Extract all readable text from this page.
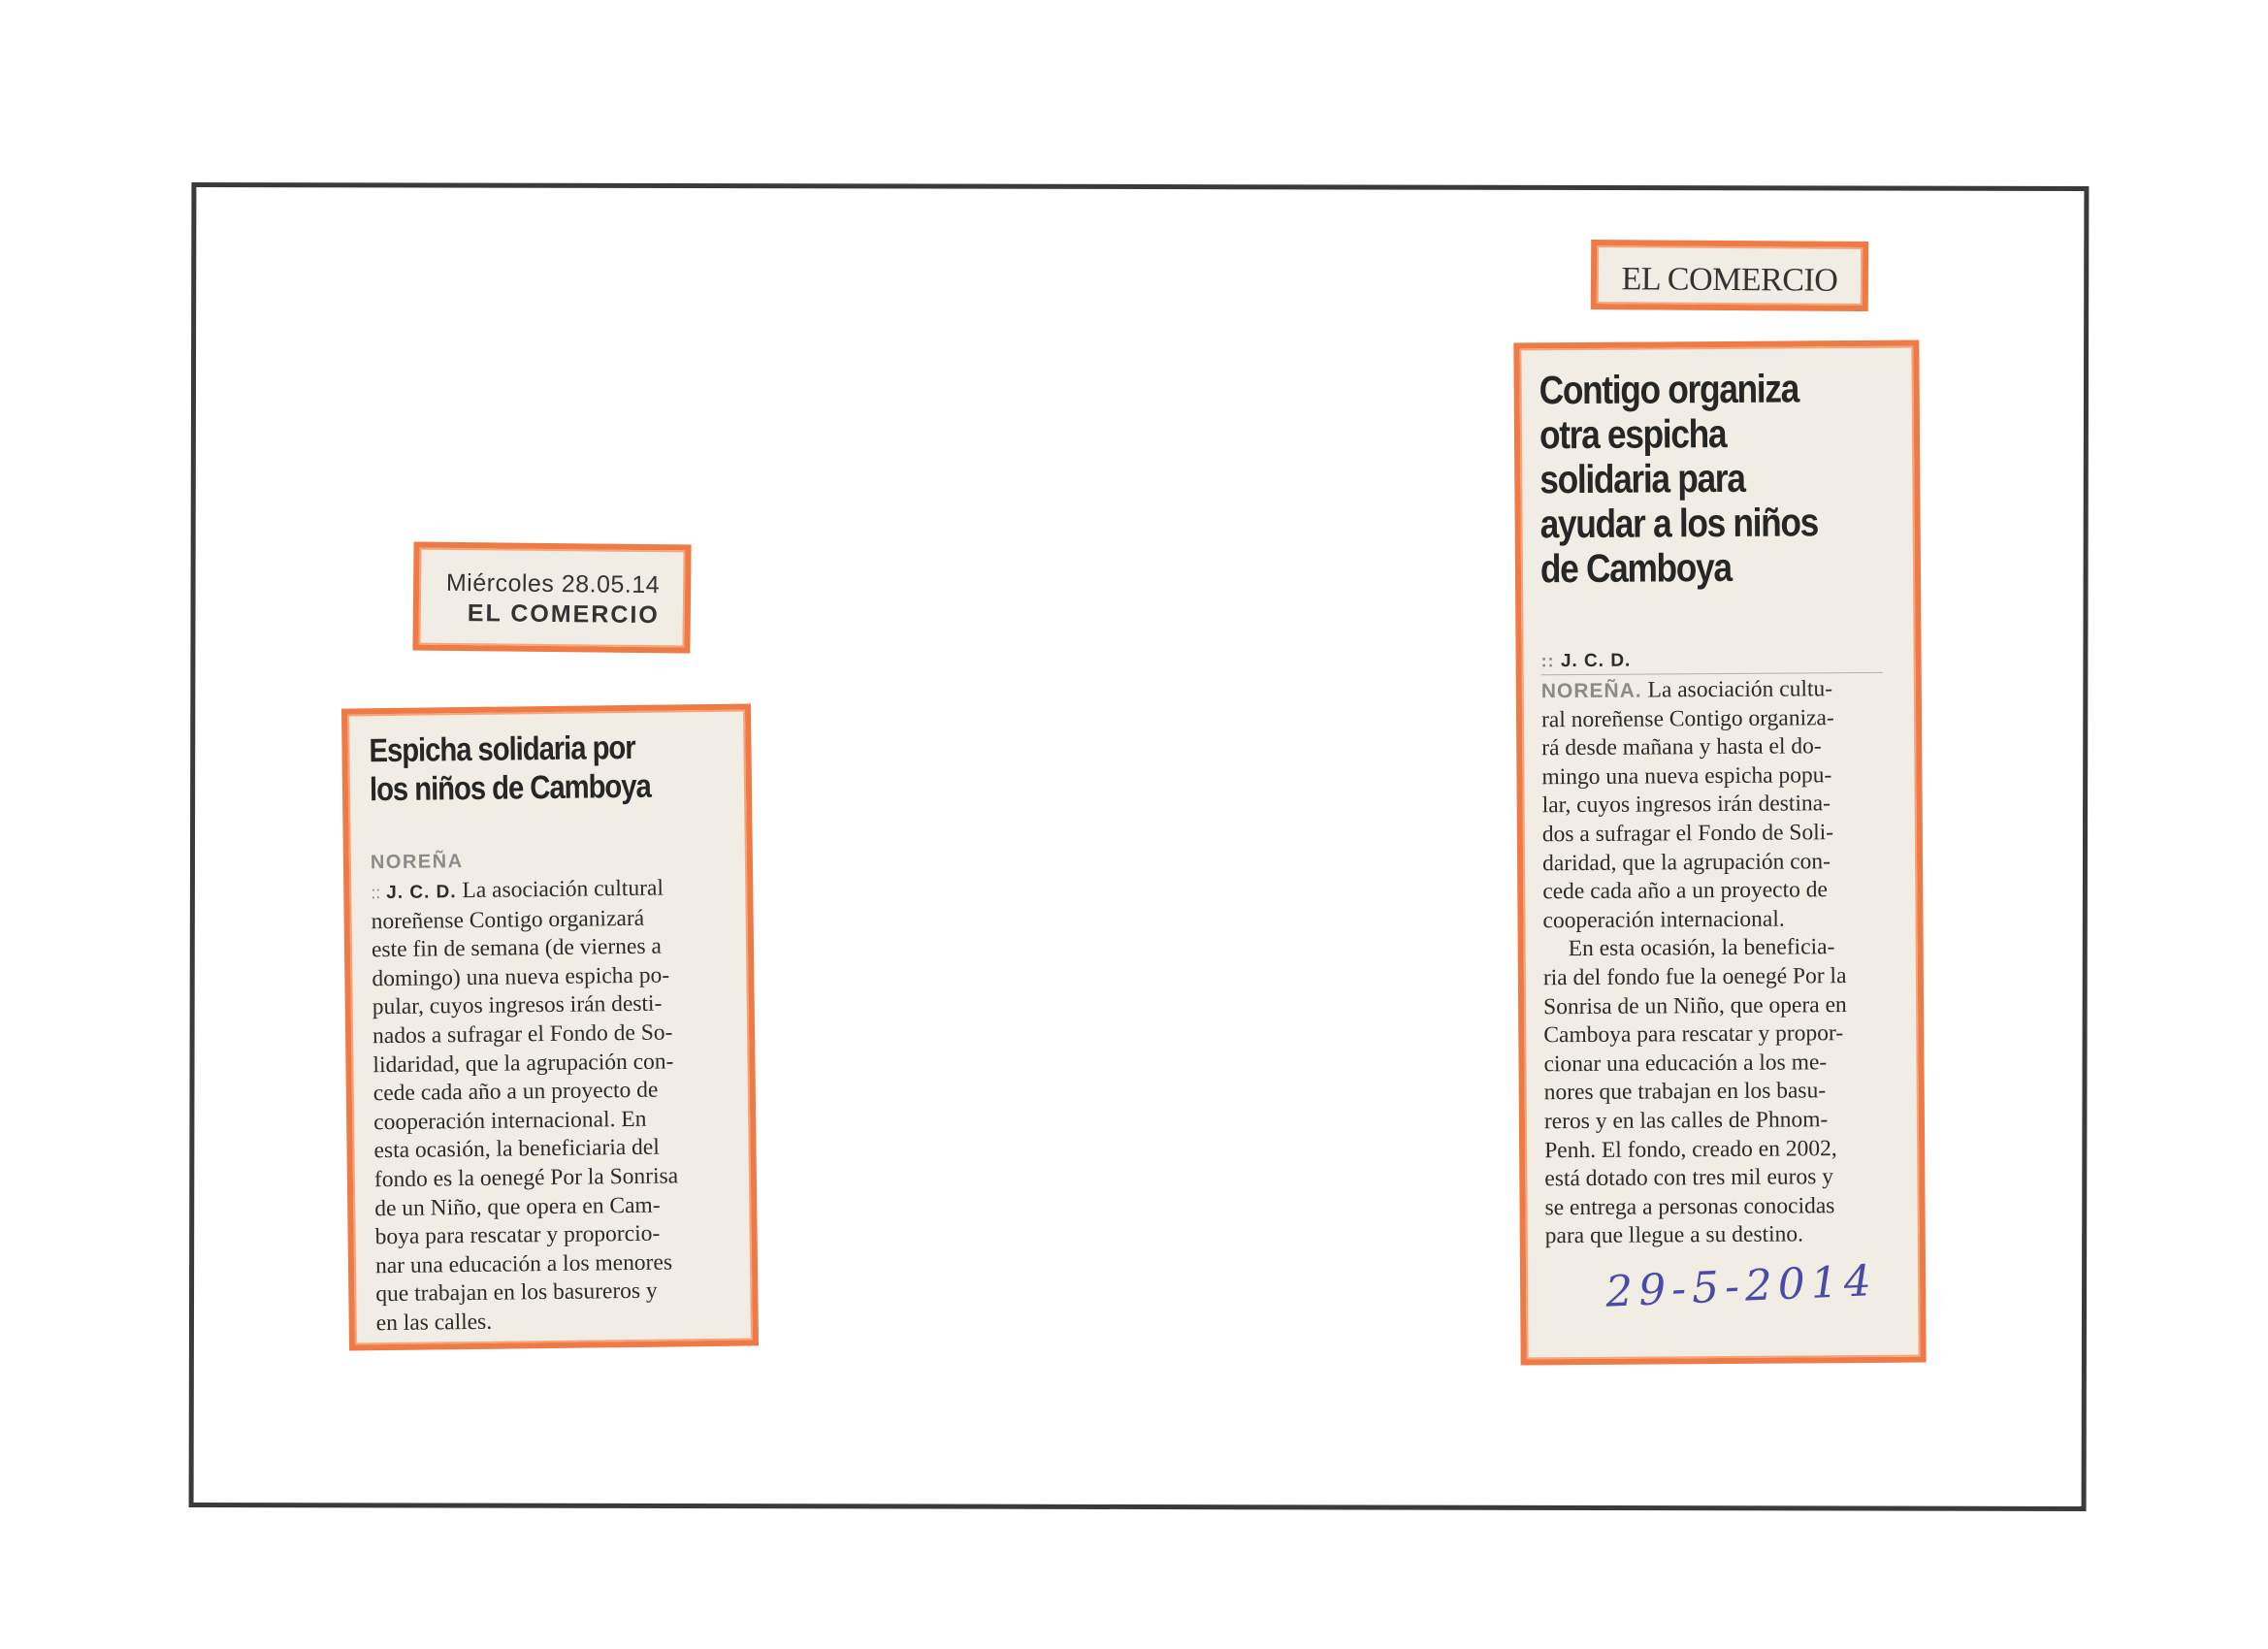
Miércoles 28.05.14
EL COMERCIO
Espicha solidaria por
los niños de Camboya
NOREÑA
:: J. C. D. La asociación cultural
noreñense Contigo organizará
este fin de semana (de viernes a
domingo) una nueva espicha po-
pular, cuyos ingresos irán desti-
nados a sufragar el Fondo de So-
lidaridad, que la agrupación con-
cede cada año a un proyecto de
cooperación internacional. En
esta ocasión, la beneficiaria del
fondo es la oenegé Por la Sonrisa
de un Niño, que opera en Cam-
boya para rescatar y proporcio-
nar una educación a los menores
que trabajan en los basureros y
en las calles.
EL COMERCIO
Contigo organiza
otra espicha
solidaria para
ayudar a los niños
de Camboya
:: J. C. D.

NOREÑA. La asociación cultu-
ral noreñense Contigo organiza-
rá desde mañana y hasta el do-
mingo una nueva espicha popu-
lar, cuyos ingresos irán destina-
dos a sufragar el Fondo de Soli-
daridad, que la agrupación con-
cede cada año a un proyecto de
cooperación internacional.

En esta ocasión, la beneficia-
ria del fondo fue la oenegé Por la
Sonrisa de un Niño, que opera en
Camboya para rescatar y propor-
cionar una educación a los me-
nores que trabajan en los basu-
reros y en las calles de Phnom-
Penh. El fondo, creado en 2002,
está dotado con tres mil euros y
se entrega a personas conocidas
para que llegue a su destino.

29-5-2014
